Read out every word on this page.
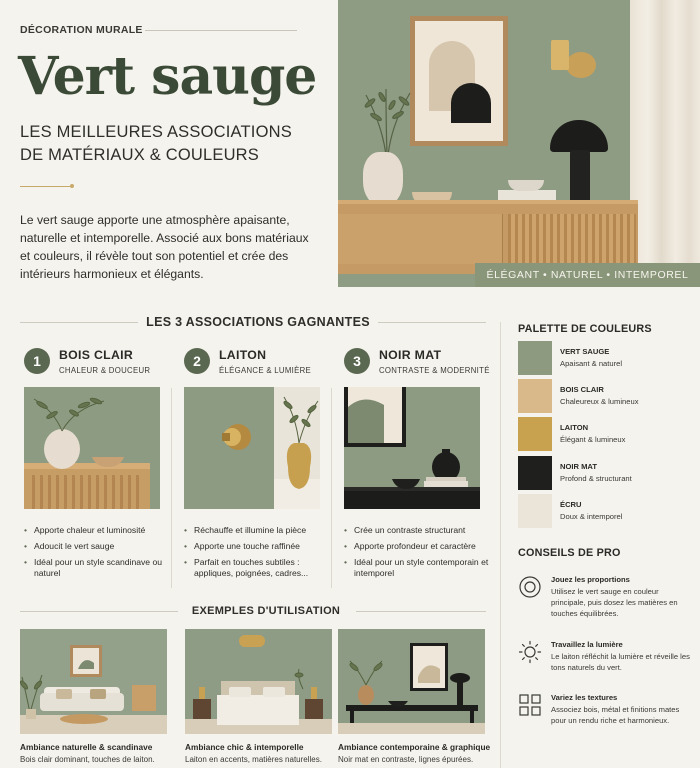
DÉCORATION MURALE
Vert sauge
LES MEILLEURES ASSOCIATIONS
DE MATÉRIAUX & COULEURS
Le vert sauge apporte une atmosphère apaisante, naturelle et intemporelle. Associé aux bons matériaux et couleurs, il révèle tout son potentiel et crée des intérieurs harmonieux et élégants.	ÉLÉGANT • NATUREL • INTEMPOREL
LES 3 ASSOCIATIONS GAGNANTES
1	BOIS CLAIR
CHALEUR & DOUCEUR
• Apporte chaleur et luminosité
• Adoucit le vert sauge
• Idéal pour un style scandinave ou naturel
2	LAITON
ÉLÉGANCE & LUMIÈRE
• Réchauffe et illumine la pièce
• Apporte une touche raffinée
• Parfait en touches subtiles : appliques, poignées, cadres...
3	NOIR MAT
CONTRASTE & MODERNITÉ
• Crée un contraste structurant
• Apporte profondeur et caractère
• Idéal pour un style contemporain et intemporel
EXEMPLES D'UTILISATION
Ambiance naturelle & scandinave
Bois clair dominant, touches de laiton.
Ambiance chic & intemporelle
Laiton en accents, matières naturelles.
Ambiance contemporaine & graphique
Noir mat en contraste, lignes épurées.
PALETTE DE COULEURS
VERT SAUGE
Apaisant & naturel
BOIS CLAIR
Chaleureux & lumineux
LAITON
Élégant & lumineux
NOIR MAT
Profond & structurant
ÉCRU
Doux & intemporel
CONSEILS DE PRO
Jouez les proportions
Utilisez le vert sauge en couleur principale, puis dosez les matières en touches équilibrées.
Travaillez la lumière
Le laiton réfléchit la lumière et réveille les tons naturels du vert.
Variez les textures
Associez bois, métal et finitions mates pour un rendu riche et harmonieux.
